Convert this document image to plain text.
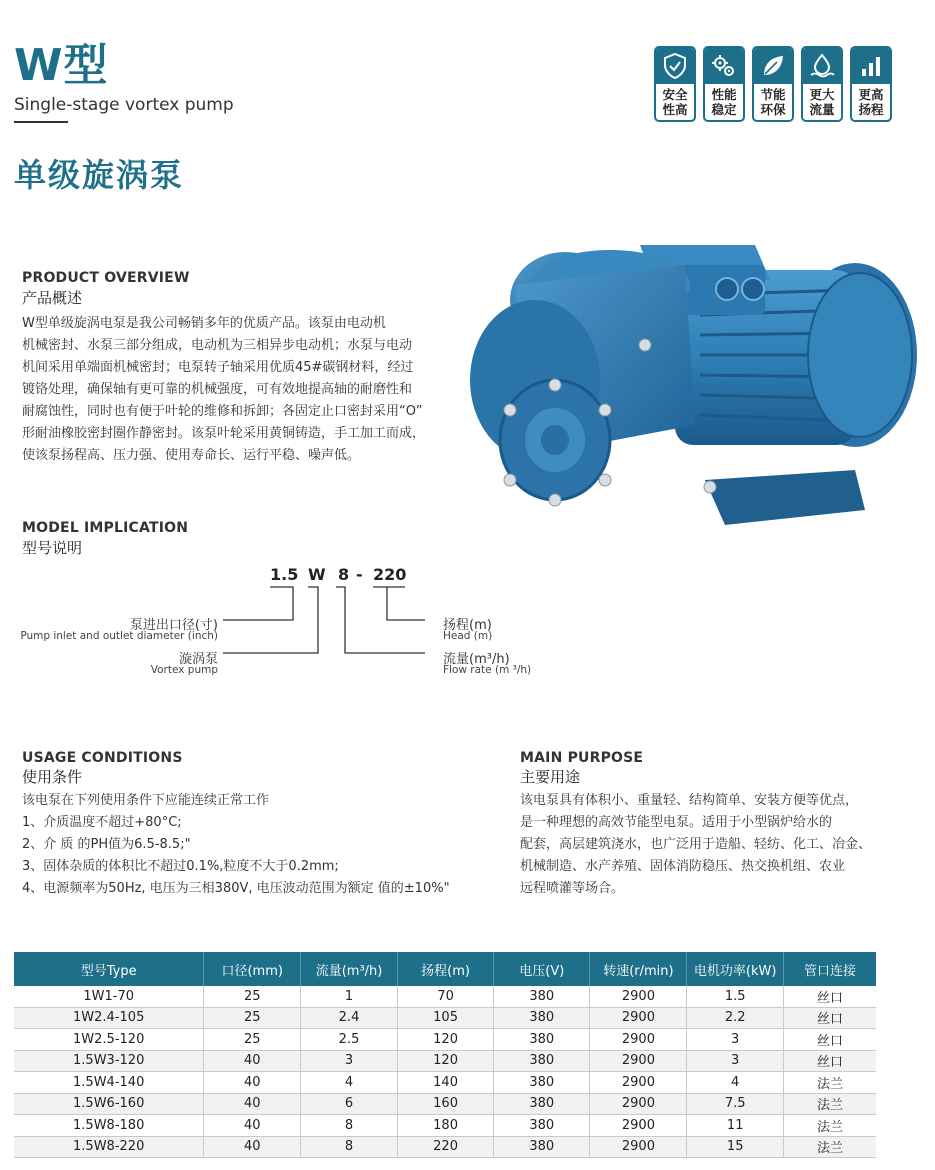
W型
Single-stage vortex pump
单级旋涡泵
安全性高
性能稳定
节能环保
更大流量
更高扬程
PRODUCT OVERVIEW
产品概述
W型单级旋涡电泵是我公司畅销多年的优质产品。该泵由电动机
机械密封、水泵三部分组成，电动机为三相异步电动机；水泵与电动
机间采用单端面机械密封；电泵转子轴采用优质45#碳钢材料，经过
镀铬处理，确保轴有更可靠的机械强度，可有效地提高轴的耐磨性和
耐腐蚀性，同时也有便于叶轮的维修和拆卸；各固定止口密封采用“O”
形耐油橡胶密封圈作静密封。该泵叶轮采用黄铜铸造，手工加工而成，
使该泵扬程高、压力强、使用寿命长、运行平稳、噪声低。
MODEL IMPLICATION
型号说明
1.5 W 8 - 220
泵进出口径(寸)
Pump inlet and outlet diameter (inch)
漩涡泵
Vortex pump
扬程(m)
Head (m)
流量(m³/h)
Flow rate (m ³/h)
USAGE CONDITIONS
使用条件
该电泵在下列使用条件下应能连续正常工作
1、介质温度不超过+80°C;
2、介 质 的PH值为6.5-8.5;"
3、固体杂质的体积比不超过0.1%,粒度不大于0.2mm;
4、电源频率为50Hz, 电压为三相380V, 电压波动范围为额定 值的±10%"
MAIN PURPOSE
主要用途
该电泵具有体积小、重量轻、结构简单、安装方便等优点，
是一种理想的高效节能型电泵。适用于小型锅炉给水的
配套，高层建筑浇水，也广泛用于造船、轻纺、化工、冶金、
机械制造、水产养殖、固体消防稳压、热交换机组、农业
远程喷灌等场合。
型号Type	口径(mm)	流量(m³/h)	扬程(m)	电压(V)	转速(r/min)	电机功率(kW)	管口连接
1W1-70	25	1	70	380	2900	1.5	丝口
1W2.4-105	25	2.4	105	380	2900	2.2	丝口
1W2.5-120	25	2.5	120	380	2900	3	丝口
1.5W3-120	40	3	120	380	2900	3	丝口
1.5W4-140	40	4	140	380	2900	4	法兰
1.5W6-160	40	6	160	380	2900	7.5	法兰
1.5W8-180	40	8	180	380	2900	11	法兰
1.5W8-220	40	8	220	380	2900	15	法兰
